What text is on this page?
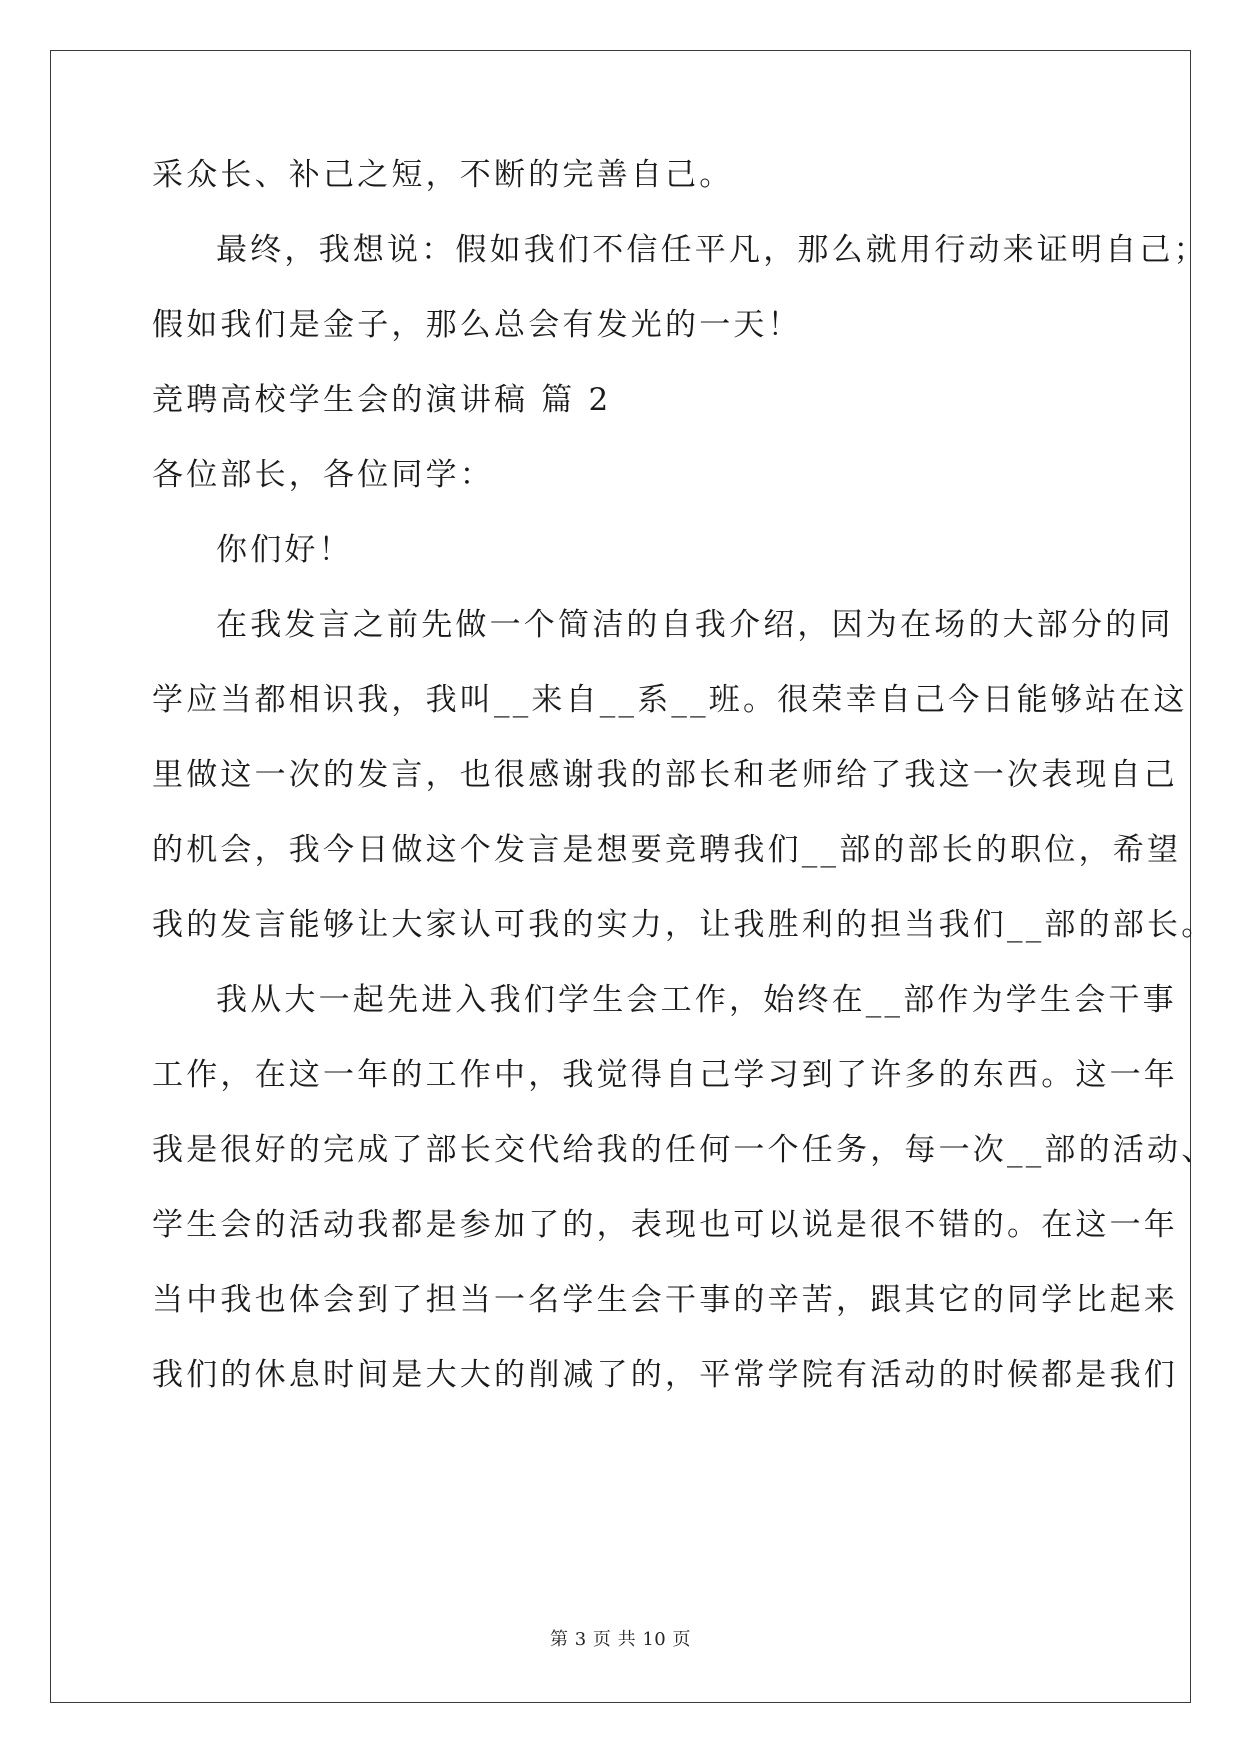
采众长、补己之短，不断的完善自己。
最终，我想说：假如我们不信任平凡，那么就用行动来证明自己；
假如我们是金子，那么总会有发光的一天！
竞聘高校学生会的演讲稿 篇 2
各位部长，各位同学：
你们好！
在我发言之前先做一个简洁的自我介绍，因为在场的大部分的同
学应当都相识我，我叫__来自__系__班。很荣幸自己今日能够站在这
里做这一次的发言，也很感谢我的部长和老师给了我这一次表现自己
的机会，我今日做这个发言是想要竞聘我们__部的部长的职位，希望
我的发言能够让大家认可我的实力，让我胜利的担当我们__部的部长。
我从大一起先进入我们学生会工作，始终在__部作为学生会干事
工作，在这一年的工作中，我觉得自己学习到了许多的东西。这一年
我是很好的完成了部长交代给我的任何一个任务，每一次__部的活动、
学生会的活动我都是参加了的，表现也可以说是很不错的。在这一年
当中我也体会到了担当一名学生会干事的辛苦，跟其它的同学比起来
我们的休息时间是大大的削减了的，平常学院有活动的时候都是我们
第 3 页 共 10 页
